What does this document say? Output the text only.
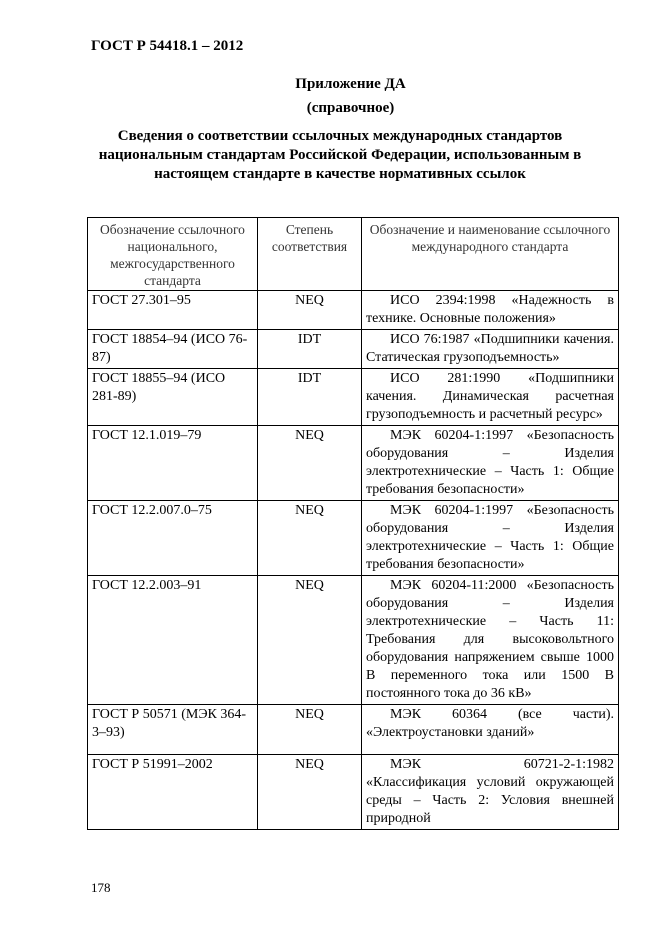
ГОСТ Р 54418.1 – 2012
Приложение ДА
(справочное)
Сведения о соответствии ссылочных международных стандартов национальным стандартам Российской Федерации, использованным в настоящем стандарте в качестве нормативных ссылок
Обозначение ссылочного национального, межгосударственного стандарта	Степень соответствия	Обозначение и наименование ссылочного международного стандарта
ГОСТ 27.301–95	NEQ	ИСО 2394:1998 «Надежность в технике. Основные положения»
ГОСТ 18854–94 (ИСО 76-87)	IDT	ИСО 76:1987 «Подшипники качения. Статическая грузоподъемность»
ГОСТ 18855–94 (ИСО 281-89)	IDT	ИСО 281:1990 «Подшипники качения. Динамическая расчетная грузоподъемность и расчетный ресурс»
ГОСТ 12.1.019–79	NEQ	МЭК 60204-1:1997 «Безопасность оборудования – Изделия электротехнические – Часть 1: Общие требования безопасности»
ГОСТ 12.2.007.0–75	NEQ	МЭК 60204-1:1997 «Безопасность оборудования – Изделия электротехнические – Часть 1: Общие требования безопасности»
ГОСТ 12.2.003–91	NEQ	МЭК 60204-11:2000 «Безопасность оборудования – Изделия электротехнические – Часть 11: Требования для высоковольтного оборудования напряжением свыше 1000 В переменного тока или 1500 В постоянного тока до 36 кВ»
ГОСТ Р 50571 (МЭК 364-3–93)	NEQ	МЭК 60364 (все части). «Электроустановки зданий»
ГОСТ Р 51991–2002	NEQ	МЭК 60721-2-1:1982 «Классификация условий окружающей среды – Часть 2: Условия внешней природной
178
